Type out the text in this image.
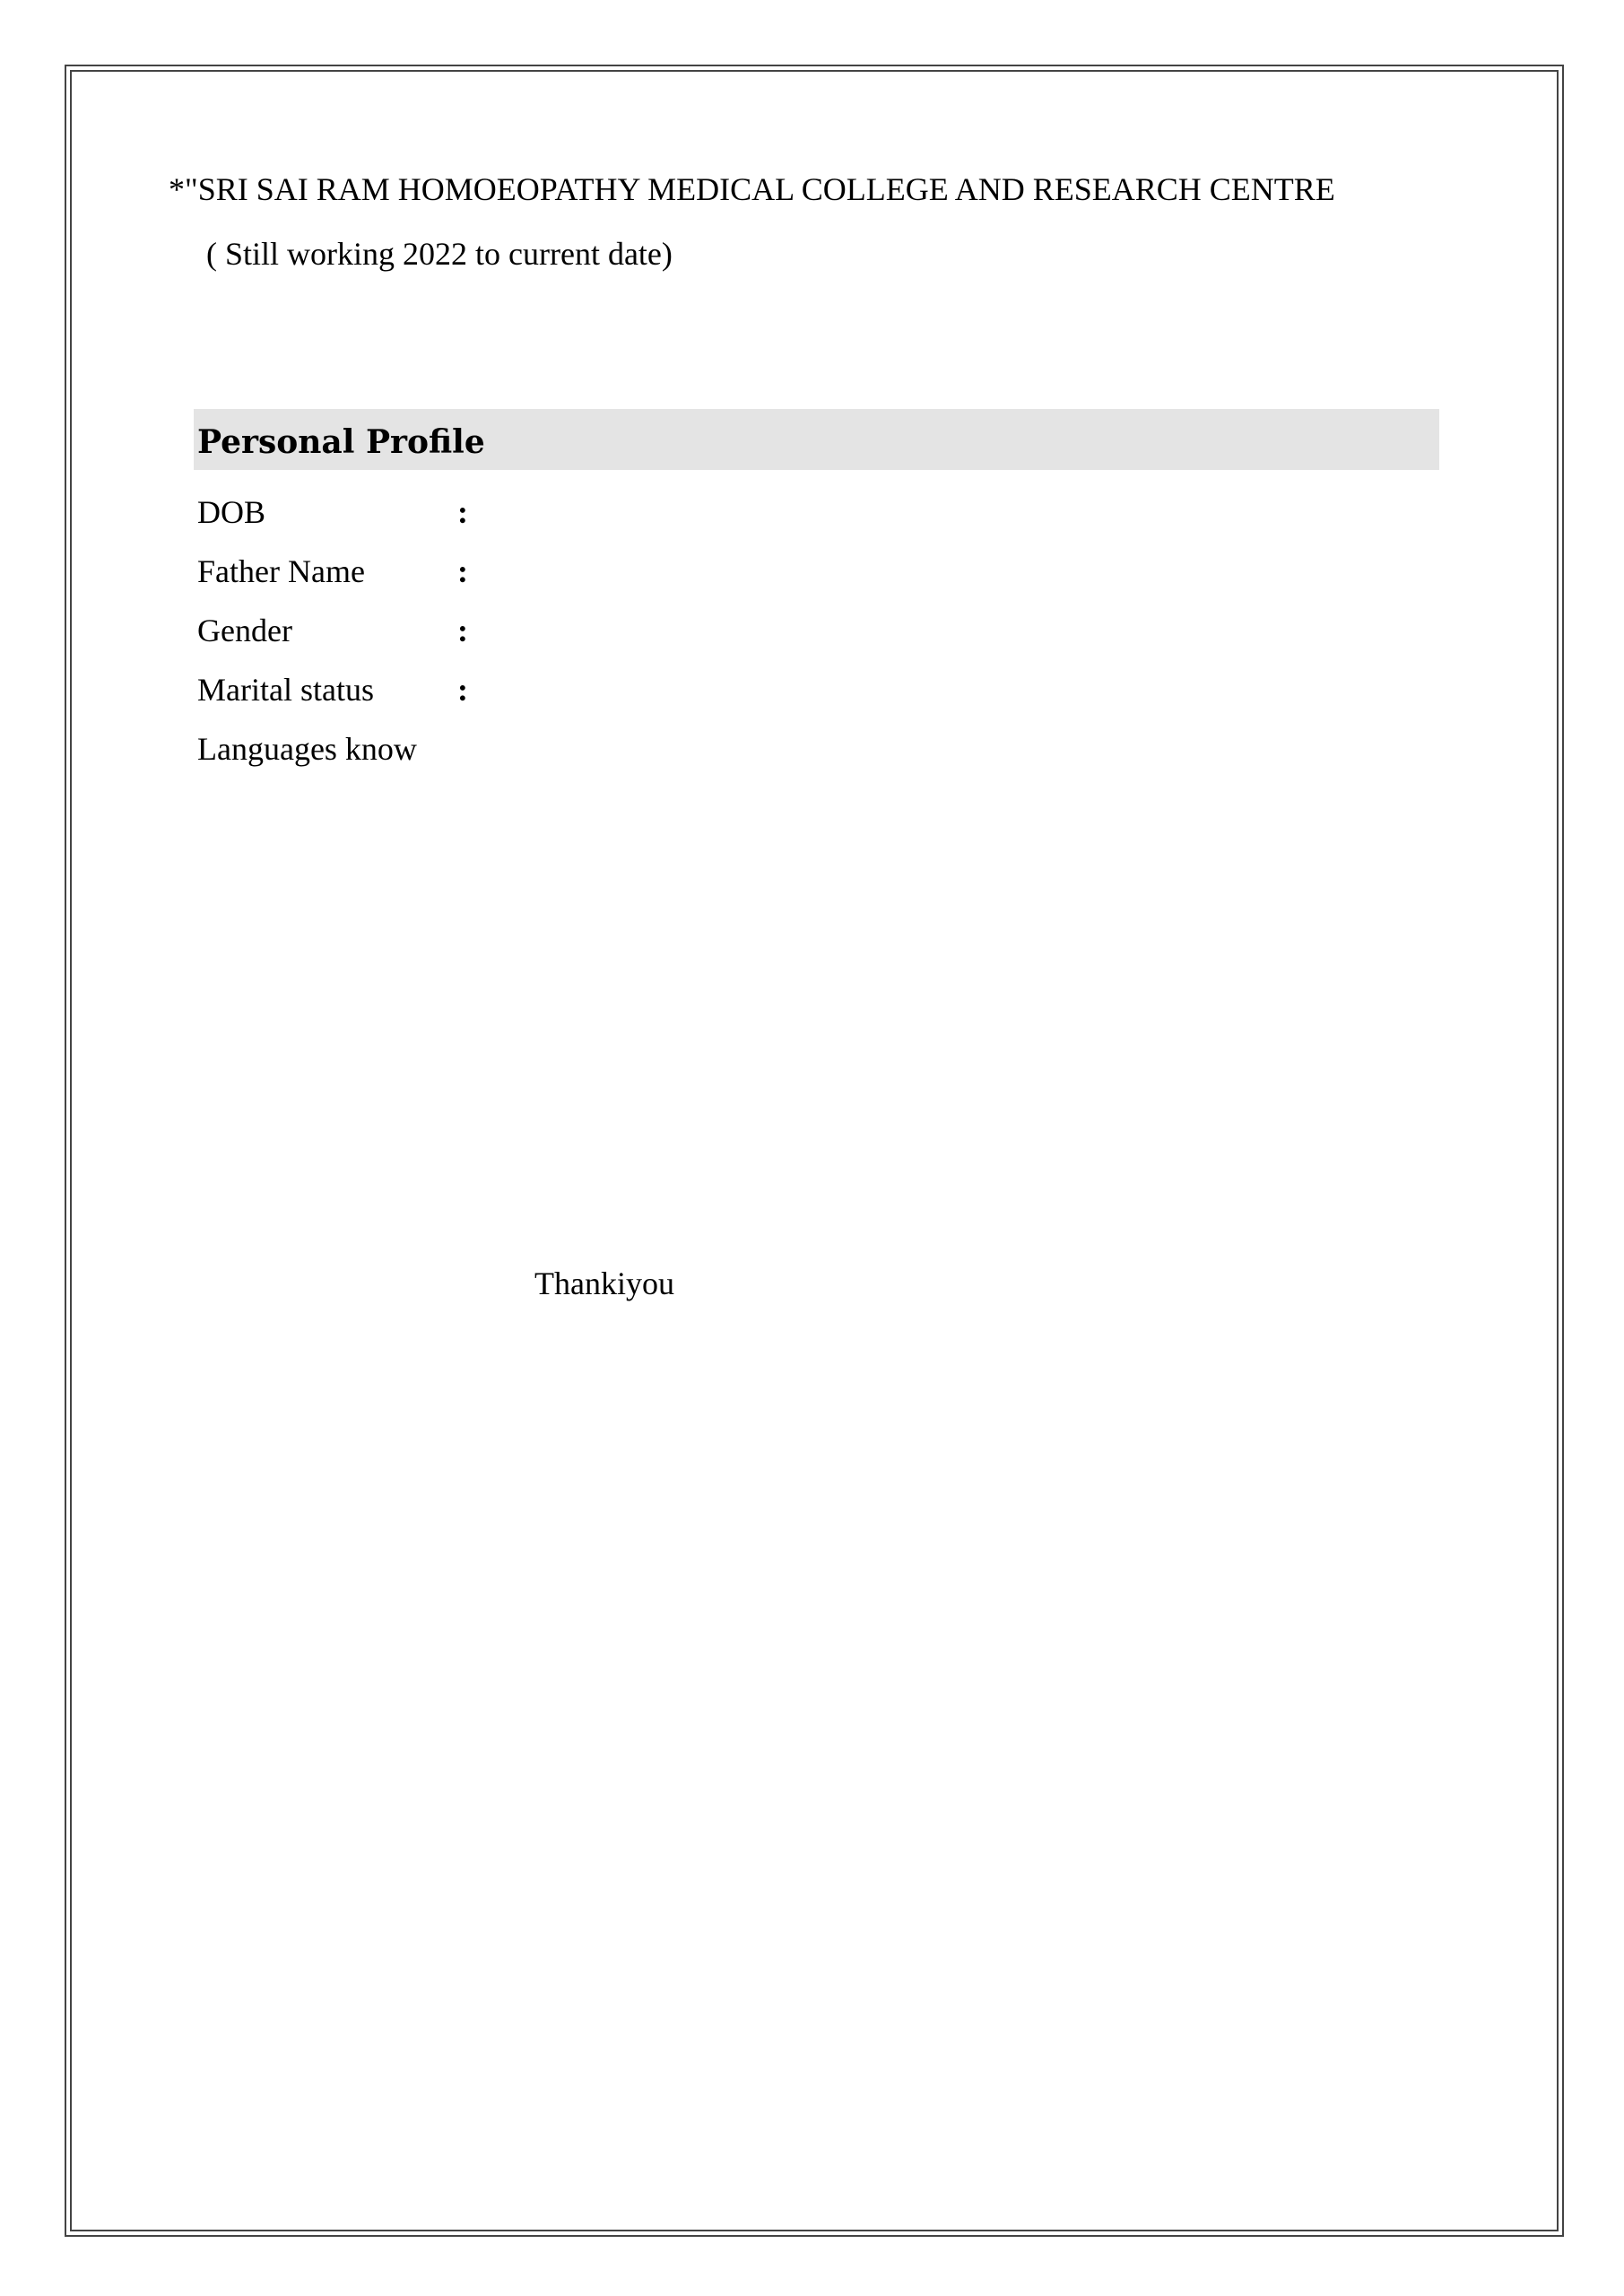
*"SRI SAI RAM HOMOEOPATHY MEDICAL COLLEGE AND RESEARCH CENTRE
( Still working 2022 to current date)
Personal Profile
DOB	:
Father Name	:
Gender	:
Marital status	:
Languages know
Thankiyou
